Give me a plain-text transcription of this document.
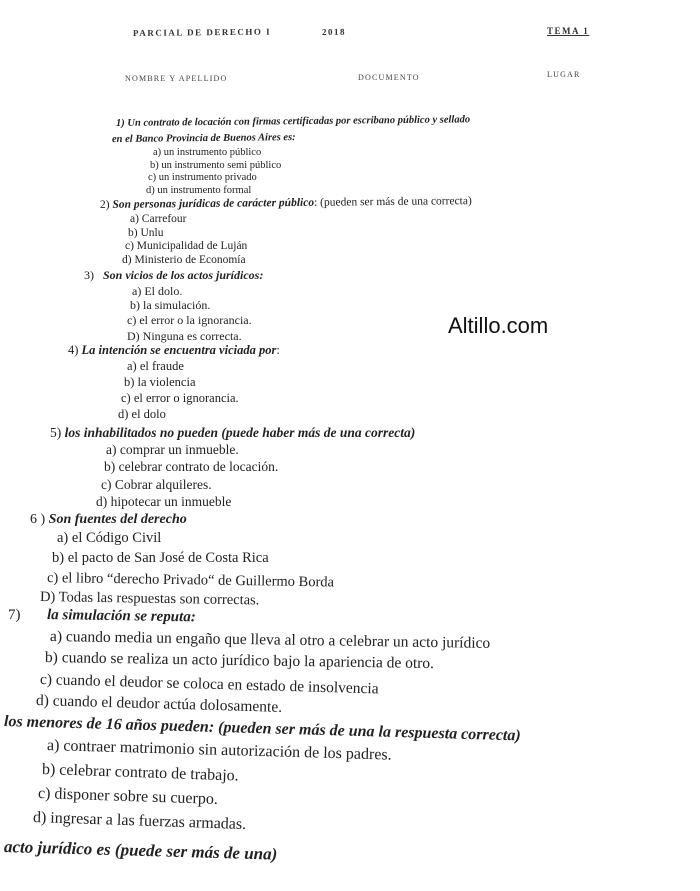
PARCIAL DE DERECHO I	2018	TEMA 1
NOMBRE Y APELLIDO	DOCUMENTO	LUGAR
1) Un contrato de locación con firmas certificadas por escribano público y sellado
en el Banco Provincia de Buenos Aires es:
a) un instrumento público
b) un instrumento semi público
c) un instrumento privado
d) un instrumento formal
2) Son personas jurídicas de carácter público: (pueden ser más de una correcta)
a) Carrefour
b) Unlu
c) Municipalidad de Luján
d) Ministerio de Economía
3) Son vicios de los actos jurídicos:
a) El dolo.
b) la simulación.
c) el error o la ignorancia.
D) Ninguna es correcta.	Altillo.com
4) La intención se encuentra viciada por:
a) el fraude
b) la violencia
c) el error o ignorancia.
d) el dolo
5) los inhabilitados no pueden (puede haber más de una correcta)
a) comprar un inmueble.
b) celebrar contrato de locación.
c) Cobrar alquileres.
d) hipotecar un inmueble
6 ) Son fuentes del derecho
a) el Código Civil
b) el pacto de San José de Costa Rica
c) el libro “derecho Privado“ de Guillermo Borda
D) Todas las respuestas son correctas.
7) la simulación se reputa:
a) cuando media un engaño que lleva al otro a celebrar un acto jurídico
b) cuando se realiza un acto jurídico bajo la apariencia de otro.
c) cuando el deudor se coloca en estado de insolvencia
d) cuando el deudor actúa dolosamente.
los menores de 16 años pueden: (pueden ser más de una la respuesta correcta)
a) contraer matrimonio sin autorización de los padres.
b) celebrar contrato de trabajo.
c) disponer sobre su cuerpo.
d) ingresar a las fuerzas armadas.
acto jurídico es (puede ser más de una)
